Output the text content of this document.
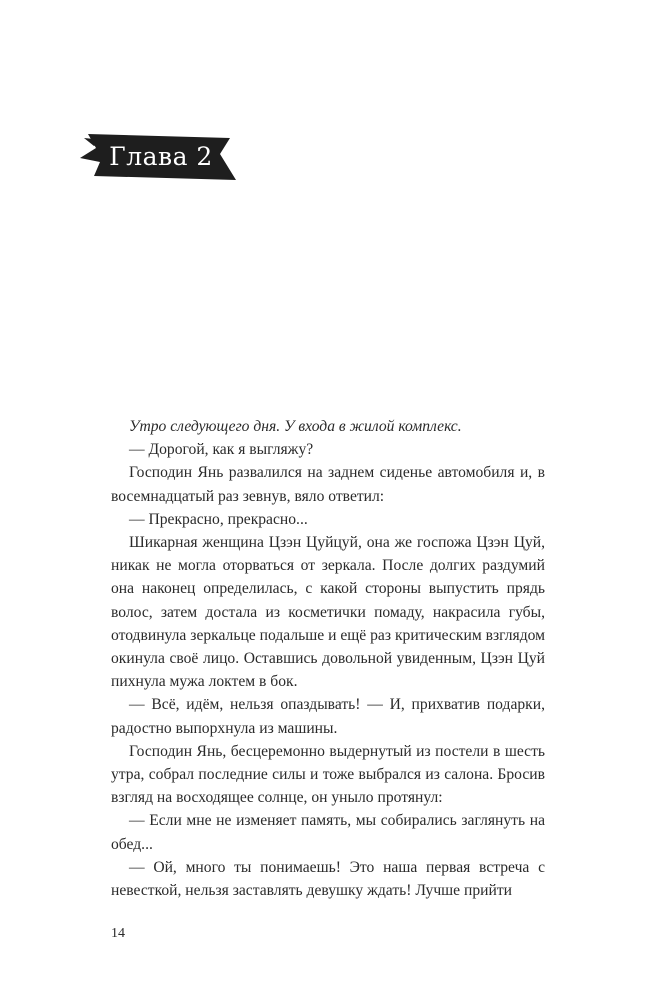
Глава 2

Утро следующего дня. У входа в жилой комплекс.

— Дорогой, как я выгляжу?

Господин Янь развалился на заднем сиденье автомобиля и, в восемнадцатый раз зевнув, вяло ответил:

— Прекрасно, прекрасно...

Шикарная женщина Цзэн Цуйцуй, она же госпожа Цзэн Цуй, никак не могла оторваться от зеркала. После долгих раздумий она наконец определилась, с какой стороны выпустить прядь волос, затем достала из косметички помаду, накрасила губы, отодвинула зеркальце подальше и ещё раз критическим взглядом окинула своё лицо. Оставшись довольной увиденным, Цзэн Цуй пихнула мужа локтем в бок.

— Всё, идём, нельзя опаздывать! — И, прихватив подарки, радостно выпорхнула из машины.

Господин Янь, бесцеремонно выдернутый из постели в шесть утра, собрал последние силы и тоже выбрался из салона. Бросив взгляд на восходящее солнце, он уныло протянул:

— Если мне не изменяет память, мы собирались заглянуть на обед...

— Ой, много ты понимаешь! Это наша первая встреча с невесткой, нельзя заставлять девушку ждать! Лучше прийти

14
